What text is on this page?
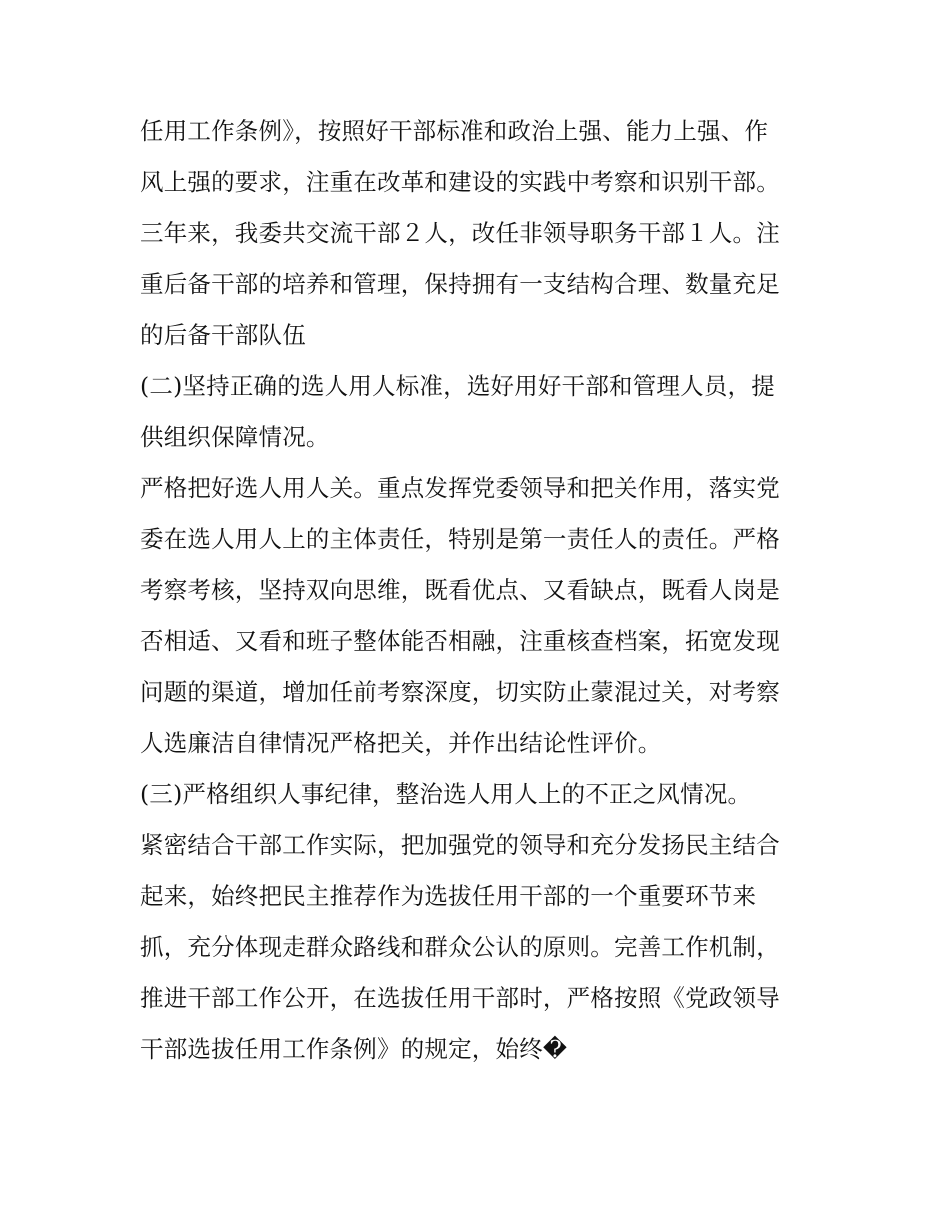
任用工作条例》，按照好干部标准和政治上强、能力上强、作
风上强的要求，注重在改革和建设的实践中考察和识别干部。
三年来，我委共交流干部２人，改任非领导职务干部１人。注
重后备干部的培养和管理，保持拥有一支结构合理、数量充足
的后备干部队伍
(二)坚持正确的选人用人标准，选好用好干部和管理人员，提
供组织保障情况。
严格把好选人用人关。重点发挥党委领导和把关作用，落实党
委在选人用人上的主体责任，特别是第一责任人的责任。严格
考察考核，坚持双向思维，既看优点、又看缺点，既看人岗是
否相适、又看和班子整体能否相融，注重核查档案，拓宽发现
问题的渠道，增加任前考察深度，切实防止蒙混过关，对考察
人选廉洁自律情况严格把关，并作出结论性评价。
(三)严格组织人事纪律，整治选人用人上的不正之风情况。
紧密结合干部工作实际，把加强党的领导和充分发扬民主结合
起来，始终把民主推荐作为选拔任用干部的一个重要环节来
抓，充分体现走群众路线和群众公认的原则。完善工作机制，
推进干部工作公开，在选拔任用干部时，严格按照《党政领导
干部选拔任用工作条例》的规定，始终�
